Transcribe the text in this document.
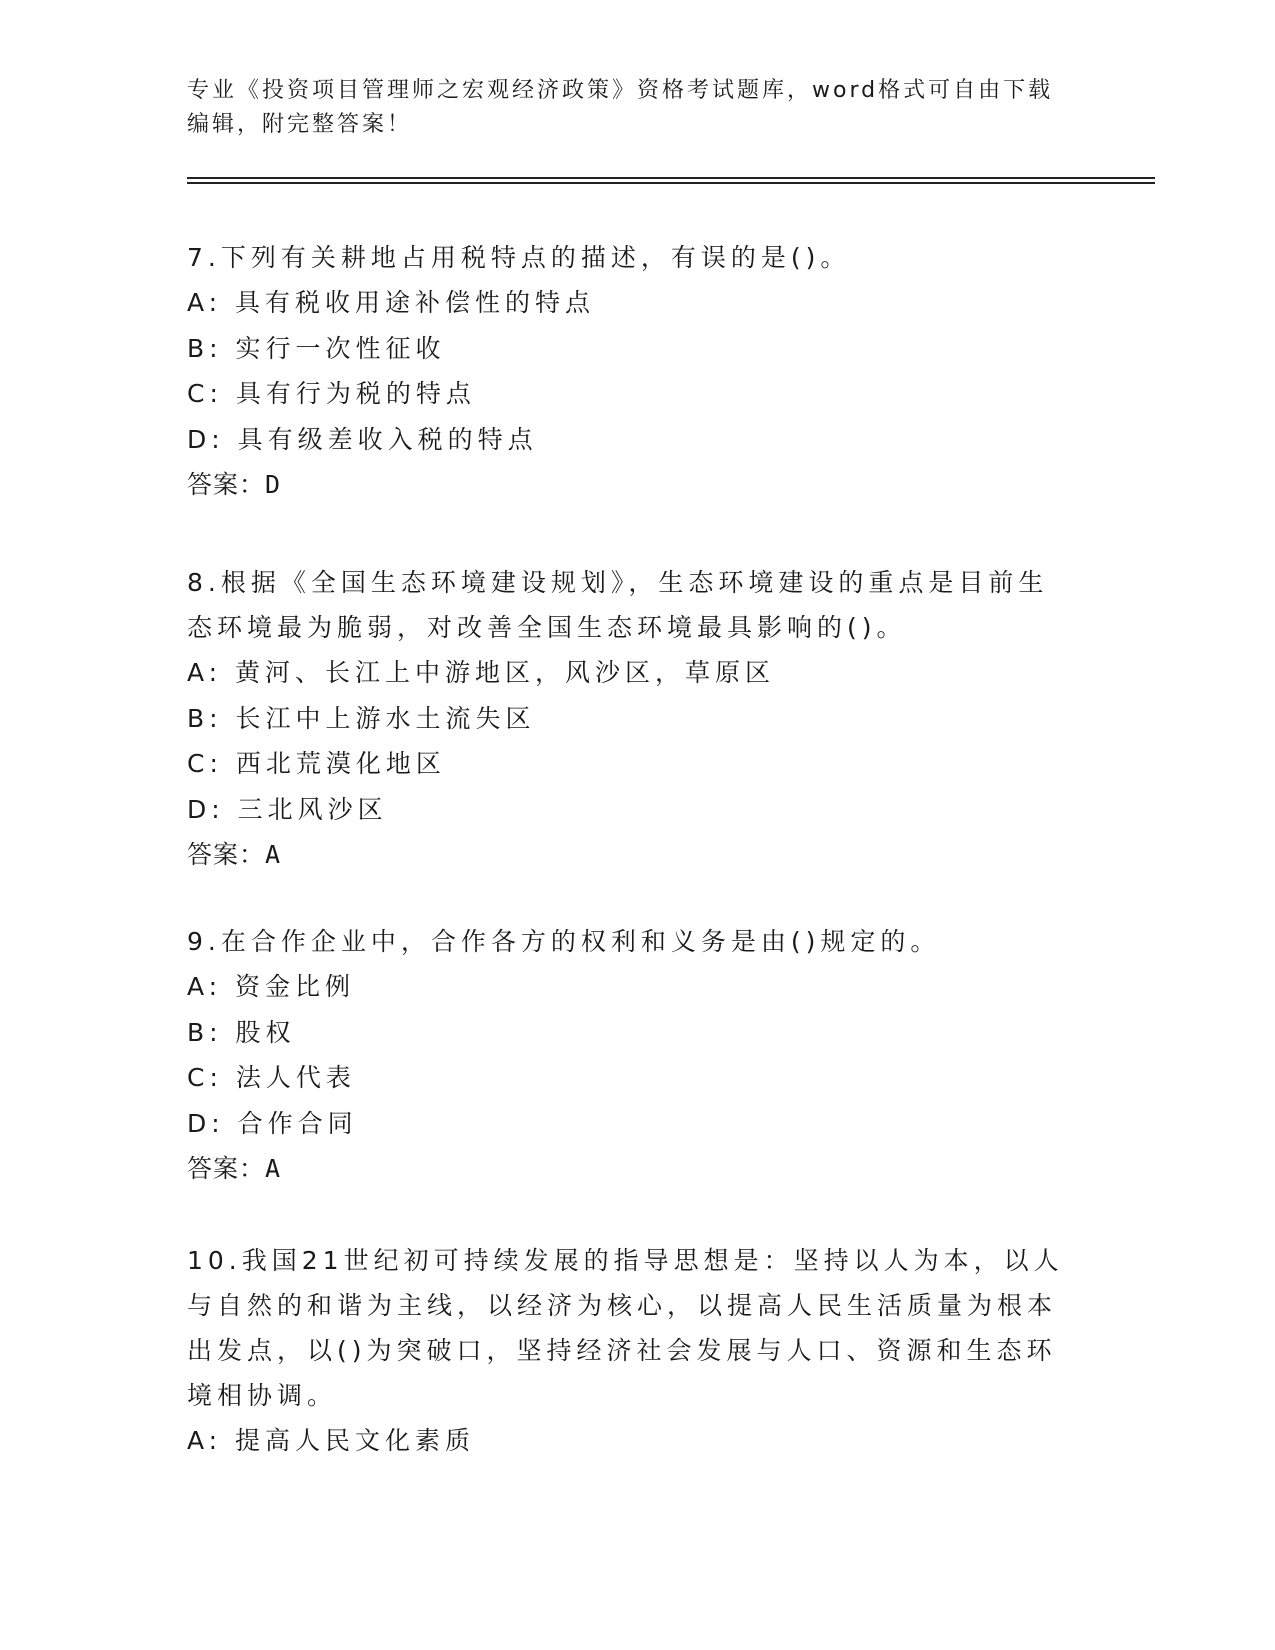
专业《投资项目管理师之宏观经济政策》资格考试题库，word格式可自由下载编辑，附完整答案！
7.下列有关耕地占用税特点的描述，有误的是()。
A: 具有税收用途补偿性的特点
B: 实行一次性征收
C: 具有行为税的特点
D: 具有级差收入税的特点
答案：D
8.根据《全国生态环境建设规划》，生态环境建设的重点是目前生态环境最为脆弱，对改善全国生态环境最具影响的()。
A: 黄河、长江上中游地区，风沙区，草原区
B: 长江中上游水土流失区
C: 西北荒漠化地区
D: 三北风沙区
答案：A
9.在合作企业中，合作各方的权利和义务是由()规定的。
A: 资金比例
B: 股权
C: 法人代表
D: 合作合同
答案：A
10.我国21世纪初可持续发展的指导思想是：坚持以人为本，以人与自然的和谐为主线，以经济为核心，以提高人民生活质量为根本出发点，以()为突破口，坚持经济社会发展与人口、资源和生态环境相协调。
A: 提高人民文化素质
